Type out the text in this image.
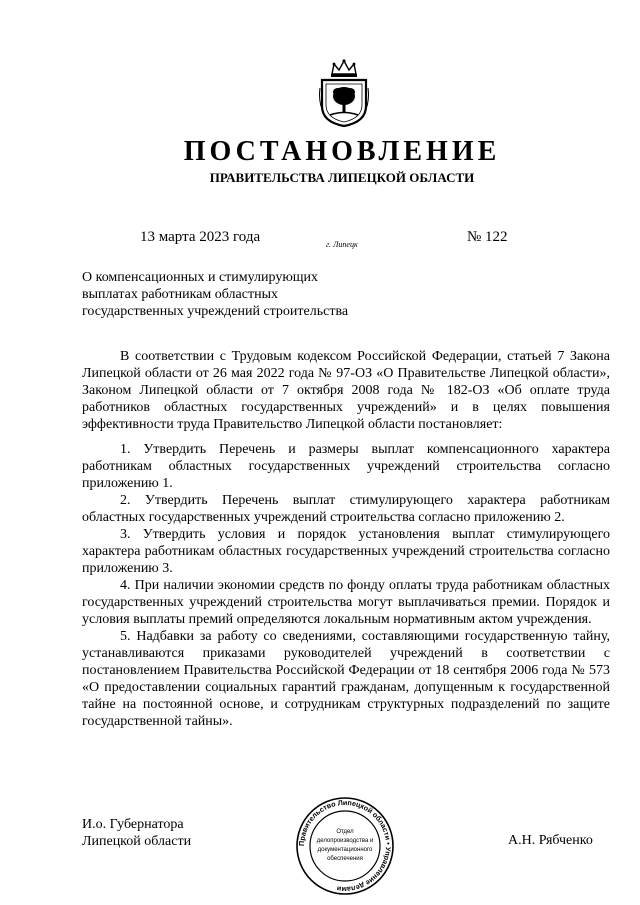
ПОСТАНОВЛЕНИЕ
ПРАВИТЕЛЬСТВА ЛИПЕЦКОЙ ОБЛАСТИ
13 марта 2023 года	г. Липецк	№ 122
О компенсационных и стимулирующих
выплатах работникам областных
государственных учреждений строительства

В соответствии с Трудовым кодексом Российской Федерации, статьей 7 Закона Липецкой области от 26 мая 2022 года № 97-ОЗ «О Правительстве Липецкой области», Законом Липецкой области от 7 октября 2008 года № 182-ОЗ «Об оплате труда работников областных государственных учреждений» и в целях повышения эффективности труда Правительство Липецкой области постановляет:

1. Утвердить Перечень и размеры выплат компенсационного характера работникам областных государственных учреждений строительства согласно приложению 1.

2. Утвердить Перечень выплат стимулирующего характера работникам областных государственных учреждений строительства согласно приложению 2.

3. Утвердить условия и порядок установления выплат стимулирующего характера работникам областных государственных учреждений строительства согласно приложению 3.

4. При наличии экономии средств по фонду оплаты труда работникам областных государственных учреждений строительства могут выплачиваться премии. Порядок и условия выплаты премий определяются локальным нормативным актом учреждения.

5. Надбавки за работу со сведениями, составляющими государственную тайну, устанавливаются приказами руководителей учреждений в соответствии с постановлением Правительства Российской Федерации от 18 сентября 2006 года № 573 «О предоставлении социальных гарантий гражданам, допущенным к государственной тайне на постоянной основе, и сотрудникам структурных подразделений по защите государственной тайны».

И.о. Губернатора
Липецкой области	Правительство Липецкой области • Управление делами
Отдел
делопроизводства и
документационного
обеспечения
А.Н. Рябченко
